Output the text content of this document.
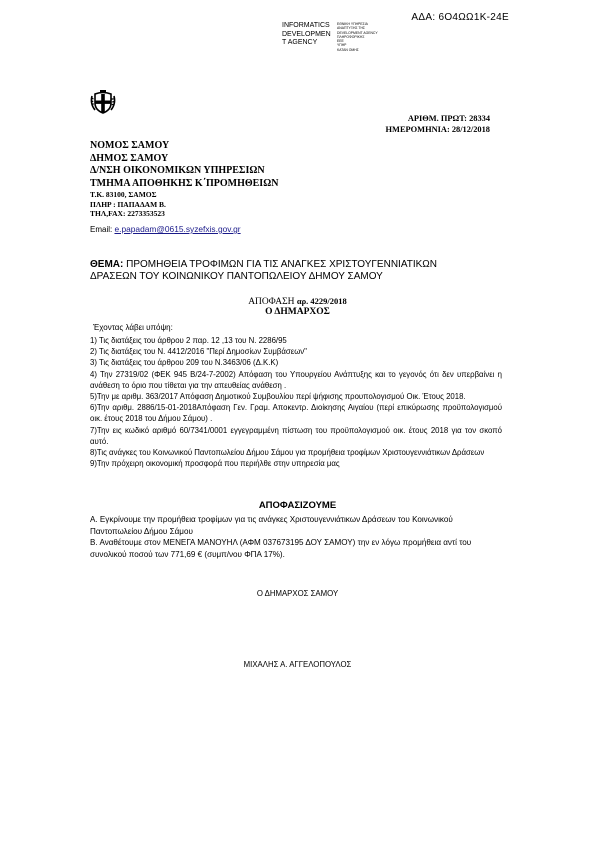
ΑΔΑ: 6Ο4ΩΩ1Κ-24Ε
INFORMATICS
DEVELOPMEN
T AGENCY
ΕΘΝΙΚΗ ΥΠΗΡΕΣΙΑ
ΑΝΑΠΤΥΞΗΣ ΤΗΣ
DEVELOPMENT AGENCY
ΠΛΗΡΟΦΟΡΙΚΗΣ
ΕΕΕ
ΥΠΗΡ
ΚΑΤΑΝ ΟΜΗΣ
ΑΡΙΘΜ. ΠΡΩΤ: 28334
ΗΜΕΡΟΜΗΝΙΑ: 28/12/2018
ΝΟΜΟΣ ΣΑΜΟΥ
ΔΗΜΟΣ ΣΑΜΟΥ
Δ/ΝΣΗ ΟΙΚΟΝΟΜΙΚΩΝ ΥΠΗΡΕΣΙΩΝ
ΤΜΗΜΑ ΑΠΟΘΗΚΗΣ Κ΄ΠΡΟΜΗΘΕΙΩΝ
Τ.Κ. 83100, ΣΑΜΟΣ
ΠΛΗΡ : ΠΑΠΑΔΑΜ Β.
ΤΗΛ,FAX: 2273353523
Email: e.papadam@0615.syzefxis.gov.gr
ΘΕΜΑ: ΠΡΟΜΗΘΕΙΑ ΤΡΟΦΙΜΩΝ ΓΙΑ ΤΙΣ ΑΝΑΓΚΕΣ ΧΡΙΣΤΟΥΓΕΝΝΙΑΤΙΚΩΝ
ΔΡΑΣΕΩΝ ΤΟΥ ΚΟΙΝΩΝΙΚΟΥ ΠΑΝΤΟΠΩΛΕΙΟΥ ΔΗΜΟΥ ΣΑΜΟΥ
ΑΠΟΦΑΣΗ αρ. 4229/2018
Ο ΔΗΜΑΡΧΟΣ
Έχοντας λάβει υπόψη:
1) Τις διατάξεις του άρθρου 2 παρ. 12 ,13 του Ν. 2286/95
2) Τις διατάξεις του Ν. 4412/2016 "Περί Δημοσίων Συμβάσεων"
3) Τις διατάξεις του άρθρου 209 του Ν.3463/06 (Δ.Κ.Κ)
4) Την 27319/02 (ΦΕΚ 945 Β/24-7-2002) Απόφαση του Υπουργείου Ανάπτυξης και το γεγονός ότι δεν υπερβαίνει η ανάθεση το όριο που τίθεται για την απευθείας ανάθεση .
5)Την με αριθμ. 363/2017 Απόφαση Δημοτικού Συμβουλίου περί ψήφισης προυπολογισμού Οικ. Έτους 2018.
6)Την αριθμ. 2886/15-01-2018Απόφαση Γεν. Γραμ. Αποκεντρ. Διοίκησης Αιγαίου (περί επικύρωσης προϋπολογισμού οικ. έτους 2018 του Δήμου Σάμου) .
7)Την εις κωδικό αριθμό 60/7341/0001 εγγεγραμμένη πίστωση του προϋπολογισμού οικ. έτους 2018 για τον σκοπό αυτό.
8)Τις ανάγκες του Κοινωνικού Παντοπωλείου Δήμου Σάμου για προμήθεια τροφίμων Χριστουγεννιάτικων Δράσεων
9)Την πρόχειρη οικονομική προσφορά που περιήλθε στην υπηρεσία μας
ΑΠΟΦΑΣΙΖΟΥΜΕ
Α. Εγκρίνουμε την προμήθεια τροφίμων για τις ανάγκες Χριστουγεννιάτικων Δράσεων του Κοινωνικού Παντοπωλείου Δήμου Σάμου
Β. Αναθέτουμε στον ΜΕΝΕΓΑ ΜΑΝΟΥΗΛ (ΑΦΜ 037673195 ΔΟΥ ΣΑΜΟΥ) την εν λόγω προμήθεια αντί του συνολικού ποσού των 771,69 € (συμπ/νου ΦΠΑ 17%).
Ο ΔΗΜΑΡΧΟΣ ΣΑΜΟΥ
ΜΙΧΑΛΗΣ Α. ΑΓΓΕΛΟΠΟΥΛΟΣ
